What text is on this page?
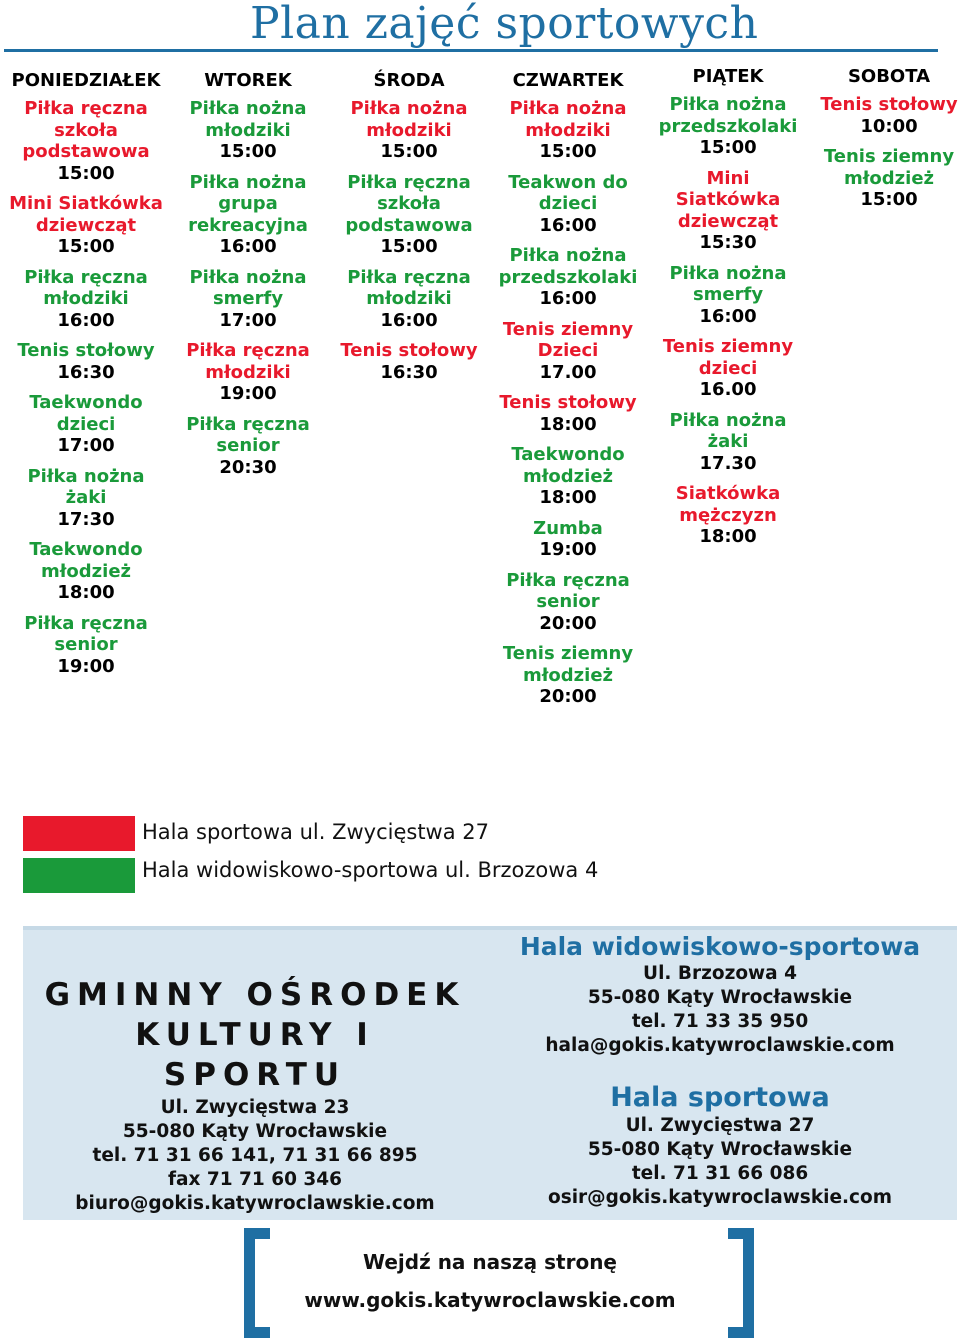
Plan zajęć sportowych
PONIEDZIAŁEK
Piłka ręczna
szkoła
podstawowa
15:00
Mini Siatkówka
dziewcząt
15:00
Piłka ręczna
młodziki
16:00
Tenis stołowy
16:30
Taekwondo
dzieci
17:00
Piłka nożna
żaki
17:30
Taekwondo
młodzież
18:00
Piłka ręczna
senior
19:00
WTOREK
Piłka nożna
młodziki
15:00
Piłka nożna
grupa
rekreacyjna
16:00
Piłka nożna
smerfy
17:00
Piłka ręczna
młodziki
19:00
Piłka ręczna
senior
20:30
ŚRODA
Piłka nożna
młodziki
15:00
Piłka ręczna
szkoła
podstawowa
15:00
Piłka ręczna
młodziki
16:00
Tenis stołowy
16:30
CZWARTEK
Piłka nożna
młodziki
15:00
Teakwon do
dzieci
16:00
Piłka nożna
przedszkolaki
16:00
Tenis ziemny
Dzieci
17.00
Tenis stołowy
18:00
Taekwondo
młodzież
18:00
Zumba
19:00
Piłka ręczna
senior
20:00
Tenis ziemny
młodzież
20:00
PIĄTEK
Piłka nożna
przedszkolaki
15:00
Mini
Siatkówka
dziewcząt
15:30
Piłka nożna
smerfy
16:00
Tenis ziemny
dzieci
16.00
Piłka nożna
żaki
17.30
Siatkówka
mężczyzn
18:00
SOBOTA
Tenis stołowy
10:00
Tenis ziemny
młodzież
15:00
Hala sportowa ul. Zwycięstwa 27
Hala widowiskowo-sportowa ul. Brzozowa 4
GMINNY OŚRODEK
KULTURY I SPORTU
Hala widowiskowo-sportowa
Ul. Brzozowa 4
55-080 Kąty Wrocławskie
tel. 71 33 35 950
hala@gokis.katywroclawskie.com
Ul. Zwycięstwa 23
55-080 Kąty Wrocławskie
tel. 71 31 66 141, 71 31 66 895
fax 71 71 60 346
biuro@gokis.katywroclawskie.com
Hala sportowa
Ul. Zwycięstwa 27
55-080 Kąty Wrocławskie
tel. 71 31 66 086
osir@gokis.katywroclawskie.com
Wejdź na naszą stronę
www.gokis.katywroclawskie.com
